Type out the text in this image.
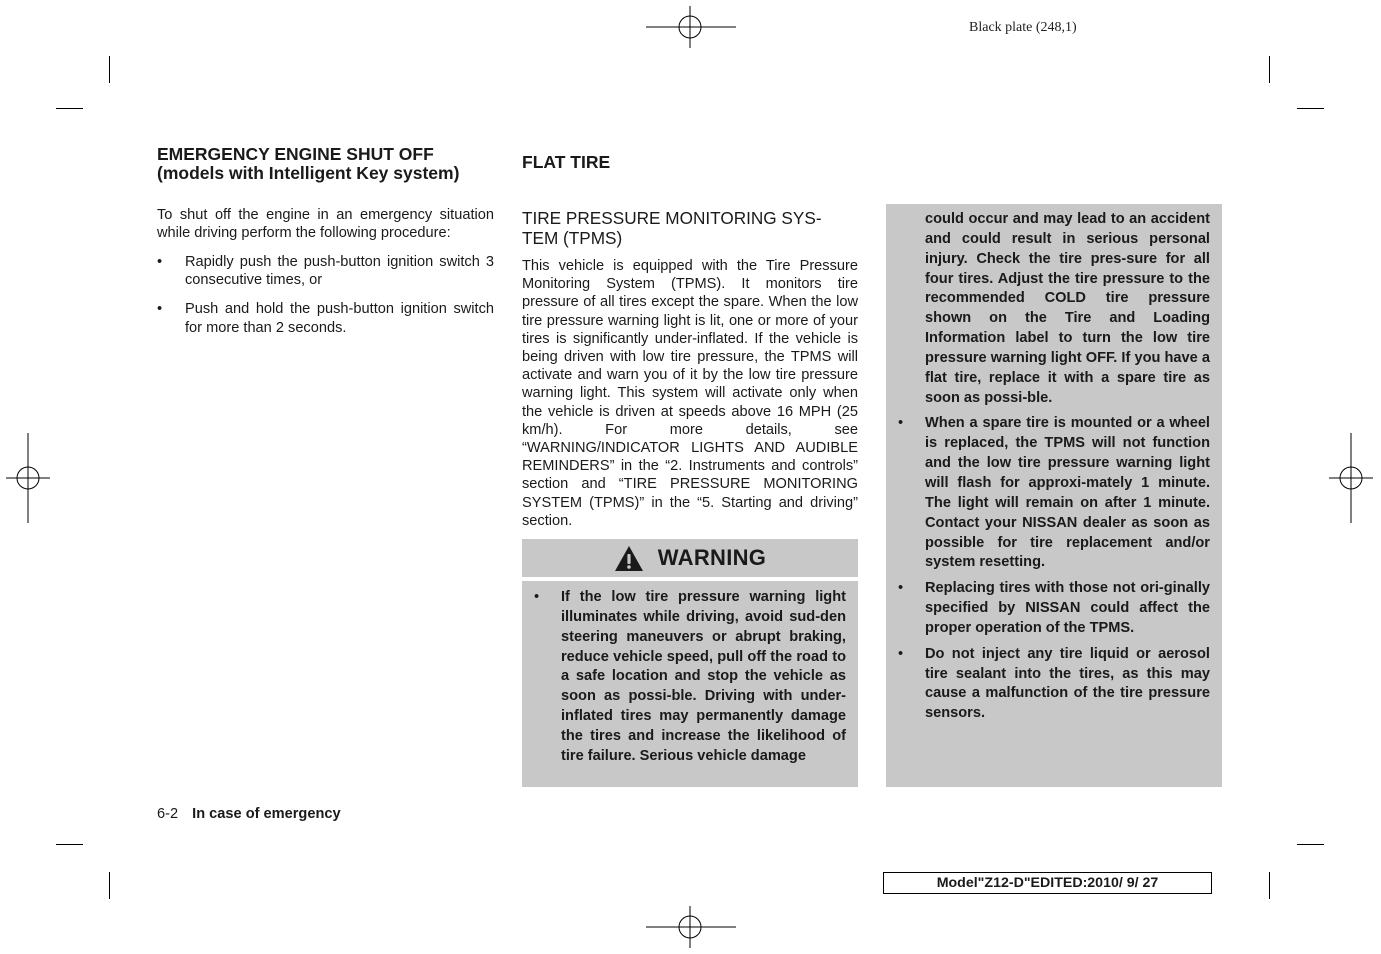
Black plate (248,1)
EMERGENCY ENGINE SHUT OFF
(models with Intelligent Key system)
To shut off the engine in an emergency situation while driving perform the following procedure:
• Rapidly push the push-button ignition switch 3 consecutive times, or
• Push and hold the push-button ignition switch for more than 2 seconds.
FLAT TIRE
TIRE PRESSURE MONITORING SYS-TEM (TPMS)
This vehicle is equipped with the Tire Pressure Monitoring System (TPMS). It monitors tire pressure of all tires except the spare. When the low tire pressure warning light is lit, one or more of your tires is significantly under-inflated. If the vehicle is being driven with low tire pressure, the TPMS will activate and warn you of it by the low tire pressure warning light. This system will activate only when the vehicle is driven at speeds above 16 MPH (25 km/h). For more details, see “WARNING/INDICATOR LIGHTS AND AUDIBLE REMINDERS” in the “2. Instruments and controls” section and “TIRE PRESSURE MONITORING SYSTEM (TPMS)” in the “5. Starting and driving” section.
WARNING
• If the low tire pressure warning light illuminates while driving, avoid sud-den steering maneuvers or abrupt braking, reduce vehicle speed, pull off the road to a safe location and stop the vehicle as soon as possi-ble. Driving with under-inflated tires may permanently damage the tires and increase the likelihood of tire failure. Serious vehicle damage
could occur and may lead to an accident and could result in serious personal injury. Check the tire pres-sure for all four tires. Adjust the tire pressure to the recommended COLD tire pressure shown on the Tire and Loading Information label to turn the low tire pressure warning light OFF. If you have a flat tire, replace it with a spare tire as soon as possi-ble.
• When a spare tire is mounted or a wheel is replaced, the TPMS will not function and the low tire pressure warning light will flash for approxi-mately 1 minute. The light will remain on after 1 minute. Contact your NISSAN dealer as soon as possible for tire replacement and/or system resetting.
• Replacing tires with those not ori-ginally specified by NISSAN could affect the proper operation of the TPMS.
• Do not inject any tire liquid or aerosol tire sealant into the tires, as this may cause a malfunction of the tire pressure sensors.
6-2 In case of emergency
Model "Z12-D" EDITED: 2010/ 9/ 27
